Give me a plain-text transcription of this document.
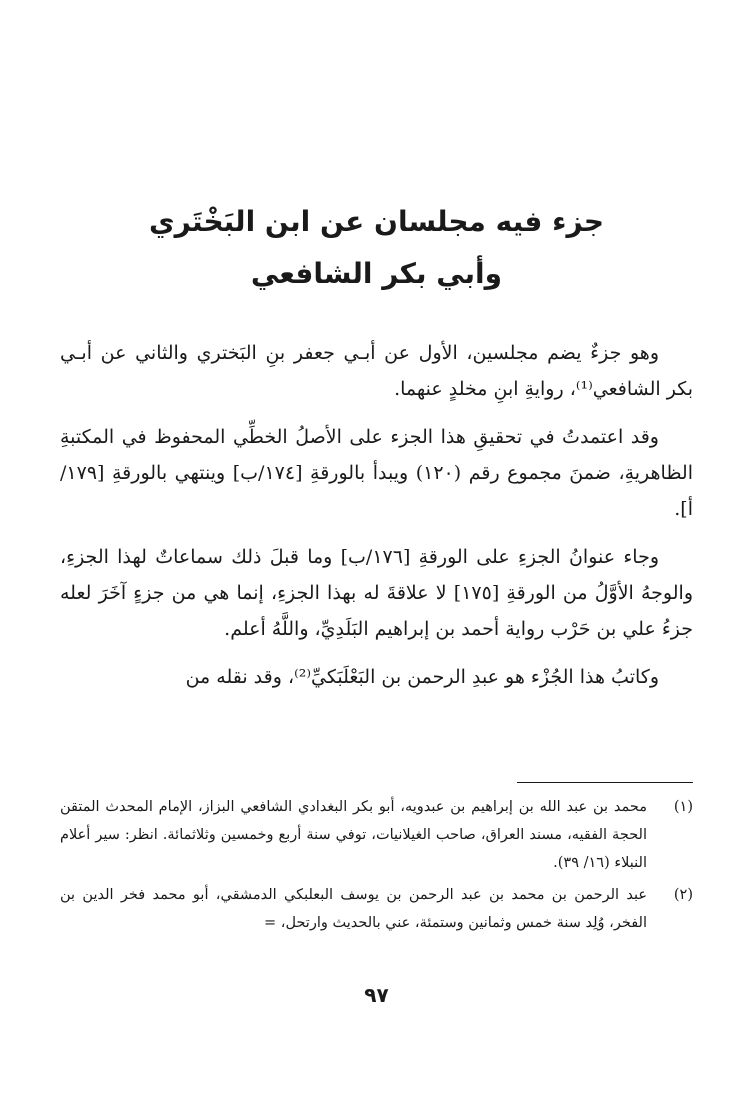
جزء فيه مجلسان عن ابن البَخْتَري

وأبي بكر الشافعي

وهو جزءٌ يضم مجلسين، الأول عن أبـي جعفر بنِ البَختري والثاني عن أبـي بكر الشافعي⁽¹⁾، روايةِ ابنِ مخلدٍ عنهما.

وقد اعتمدتُ في تحقيقِ هذا الجزء على الأصلُ الخطِّي المحفوظ في المكتبةِ الظاهريةِ، ضمنَ مجموع رقم (١٢٠) ويبدأ بالورقةِ [١٧٤/ب] وينتهي بالورقةِ [١٧٩/أ].

وجاء عنوانُ الجزءِ على الورقةِ [١٧٦/ب] وما قبلَ ذلك سماعاتٌ لهذا الجزءِ، والوجهُ الأوَّلُ من الورقةِ [١٧٥] لا علاقةَ له بهذا الجزءِ، إنما هي من جزءٍ آخَرَ لعله جزءُ علي بن حَرْب رواية أحمد بن إبراهيم البَلَدِيِّ، واللَّهُ أعلم.

وكاتبُ هذا الجُزْء هو عبدِ الرحمن بن البَعْلَبَكيِّ⁽²⁾، وقد نقله من

(١)
محمد بن عبد الله بن إبراهيم بن عبدويه، أبو بكر البغدادي الشافعي البزاز، الإمام المحدث المتقن الحجة الفقيه، مسند العراق، صاحب الغيلانيات، توفي سنة أربع وخمسين وثلاثمائة. انظر: سير أعلام النبلاء (١٦/ ٣٩).
(٢)
عبد الرحمن بن محمد بن عبد الرحمن بن يوسف البعلبكي الدمشقي، أبو محمد فخر الدين بن الفخر، وُلِد سنة خمس وثمانين وستمئة، عني بالحديث وارتحل، =
٩٧
